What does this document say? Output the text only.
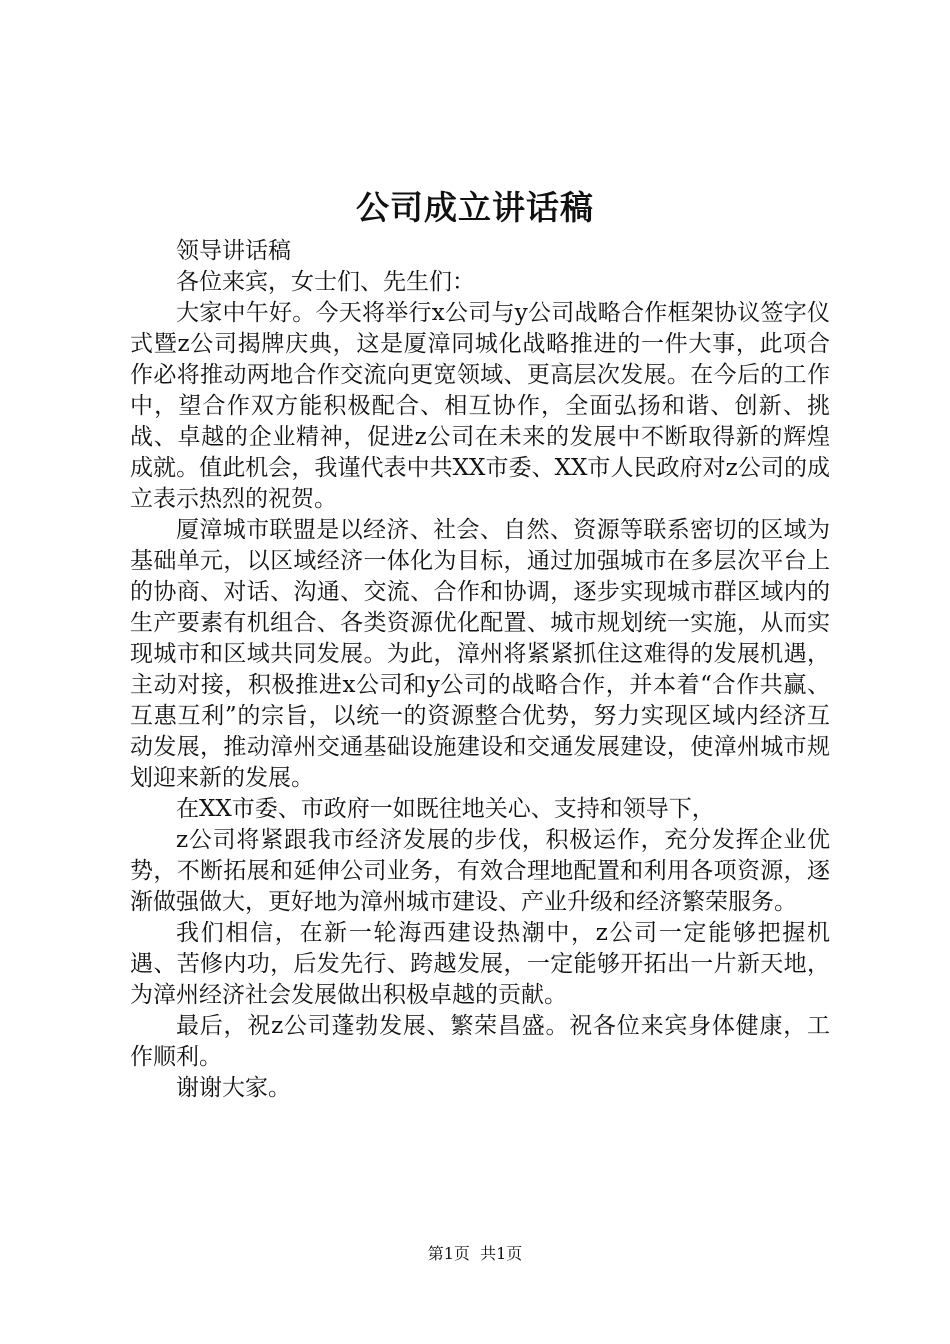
公司成立讲话稿

领导讲话稿

各位来宾，女士们、先生们：

大家中午好。今天将举行x公司与y公司战略合作框架协议签字仪式暨z公司揭牌庆典，这是厦漳同城化战略推进的一件大事，此项合作必将推动两地合作交流向更宽领域、更高层次发展。在今后的工作中，望合作双方能积极配合、相互协作，全面弘扬和谐、创新、挑战、卓越的企业精神，促进z公司在未来的发展中不断取得新的辉煌成就。值此机会，我谨代表中共XX市委、XX市人民政府对z公司的成立表示热烈的祝贺。

厦漳城市联盟是以经济、社会、自然、资源等联系密切的区域为基础单元，以区域经济一体化为目标，通过加强城市在多层次平台上的协商、对话、沟通、交流、合作和协调，逐步实现城市群区域内的生产要素有机组合、各类资源优化配置、城市规划统一实施，从而实现城市和区域共同发展。为此，漳州将紧紧抓住这难得的发展机遇，主动对接，积极推进x公司和y公司的战略合作，并本着“合作共赢、互惠互利”的宗旨，以统一的资源整合优势，努力实现区域内经济互动发展，推动漳州交通基础设施建设和交通发展建设，使漳州城市规划迎来新的发展。

在XX市委、市政府一如既往地关心、支持和领导下，

z公司将紧跟我市经济发展的步伐，积极运作，充分发挥企业优势，不断拓展和延伸公司业务，有效合理地配置和利用各项资源，逐渐做强做大，更好地为漳州城市建设、产业升级和经济繁荣服务。

我们相信，在新一轮海西建设热潮中，z公司一定能够把握机遇、苦修内功，后发先行、跨越发展，一定能够开拓出一片新天地，为漳州经济社会发展做出积极卓越的贡献。

最后，祝z公司蓬勃发展、繁荣昌盛。祝各位来宾身体健康，工作顺利。

谢谢大家。

第1页  共1页
